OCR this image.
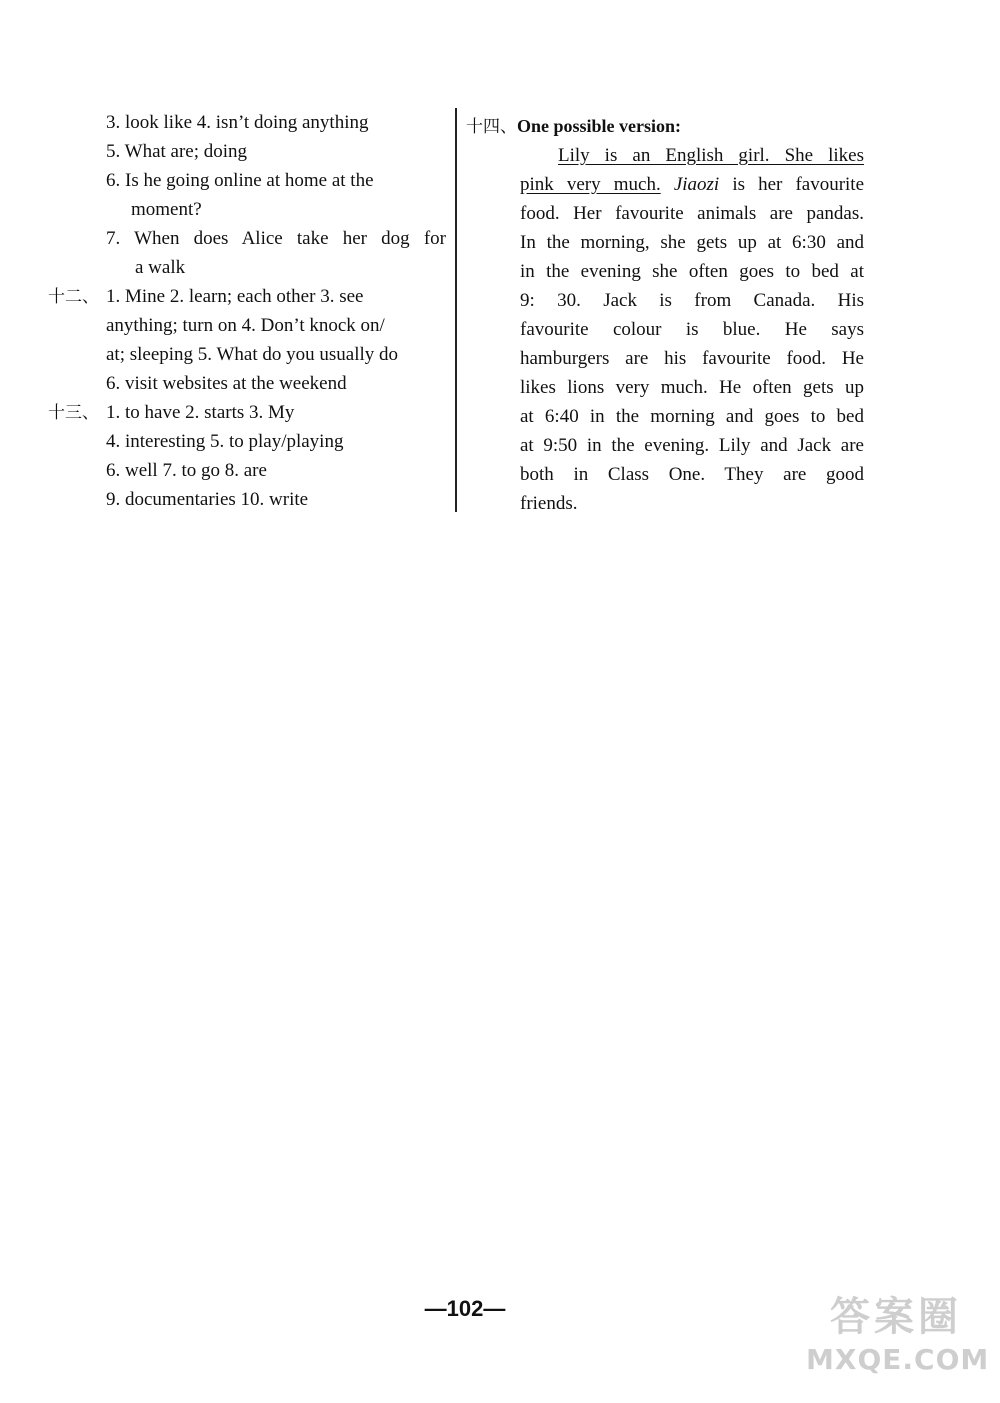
3. look like 4. isn’t doing anything
5. What are; doing
6. Is he going online at home at the
moment?
7. When does Alice take her dog for
a walk
十二、 1. Mine 2. learn; each other 3. see
anything; turn on 4. Don’t knock on/
at; sleeping 5. What do you usually do
6. visit websites at the weekend
十三、 1. to have 2. starts 3. My
4. interesting 5. to play/playing
6. well 7. to go 8. are
9. documentaries 10. write
十四、One possible version:
Lily is an English girl. She likes
pink very much. Jiaozi is her favourite
food. Her favourite animals are pandas.
In the morning, she gets up at 6:30 and
in the evening she often goes to bed at
9: 30. Jack is from Canada. His
favourite colour is blue. He says
hamburgers are his favourite food. He
likes lions very much. He often gets up
at 6:40 in the morning and goes to bed
at 9:50 in the evening. Lily and Jack are
both in Class One. They are good
friends.
—102—	答案圈
MXQE.COM
